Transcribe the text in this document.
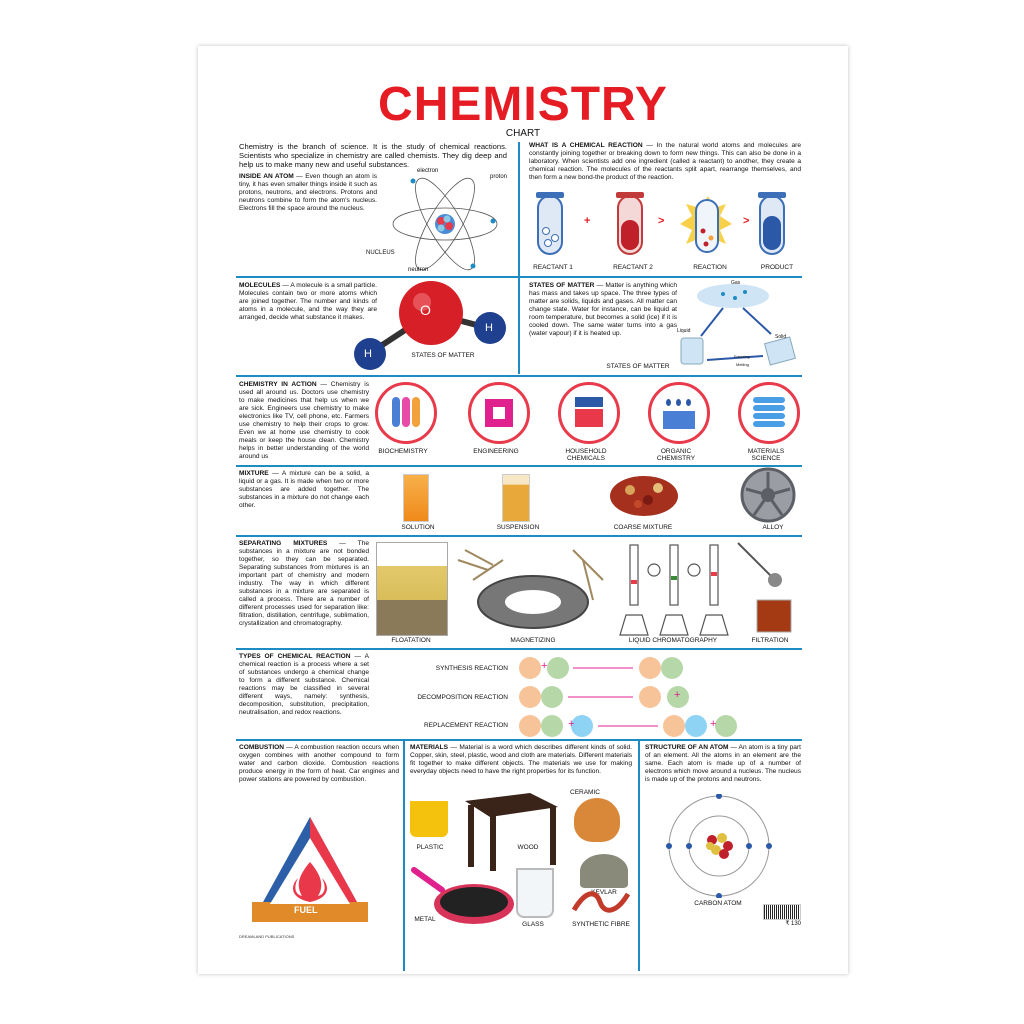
CHEMISTRY
CHART
Chemistry is the branch of science. It is the study of chemical reactions. Scientists who specialize in chemistry are called chemists. They dig deep and help us to make many new and useful substances.
INSIDE AN ATOM — Even though an atom is tiny, it has even smaller things inside it such as protons, neutrons, and electrons. Protons and neutrons combine to form the atom's nucleus. Electrons fill the space around the nucleus.
electron
proton
NUCLEUS
neutron
WHAT IS A CHEMICAL REACTION — In the natural world atoms and molecules are constantly joining together or breaking down to form new things. This can also be done in a laboratory. When scientists add one ingredient (called a reactant) to another, they create a chemical reaction. The molecules of the reactants split apart, rearrange themselves, and then form a new bond-the product of the reaction.
+	>	>
REACTANT 1	REACTANT 2	REACTION	PRODUCT
MOLECULES — A molecule is a small particle. Molecules contain two or more atoms which are joined together. The number and kinds of atoms in a molecule, and the way they are arranged, decide what substance it makes.	O
H
H
STATES OF MATTER
STATES OF MATTER — Matter is anything which has mass and takes up space. The three types of matter are solids, liquids and gases. All matter can change state. Water for instance, can be liquid at room temperature, but becomes a solid (ice) if it is cooled down. The same water turns into a gas (water vapour) if it is heated up.
Gas
Liquid
Solid
Freezing
Melting
STATES OF MATTER
CHEMISTRY IN ACTION — Chemistry is used all around us. Doctors use chemistry to make medicines that help us when we are sick. Engineers use chemistry to make electronics like TV, cell phone, etc. Farmers use chemistry to help their crops to grow. Even we at home use chemistry to cook meals or keep the house clean. Chemistry helps in better understanding of the world around us
BIOCHEMISTRY	ENGINEERING	HOUSEHOLD CHEMICALS
ORGANIC CHEMISTRY
MATERIALS SCIENCE
MIXTURE — A mixture can be a solid, a liquid or a gas. It is made when two or more substances are added together. The substances in a mixture do not change each other.
SOLUTION	SUSPENSION	COARSE MIXTURE	ALLOY
SEPARATING MIXTURES — The substances in a mixture are not bonded together, so they can be separated. Separating substances from mixtures is an important part of chemistry and modern industry. The way in which different substances in a mixture are separated is called a process. There are a number of different processes used for separation like: filtration, distillation, centrifuge, sublimation, crystallization and chromatography.
FLOATATION	MAGNETIZING	LIQUID CHROMATOGRAPHY	FILTRATION
TYPES OF CHEMICAL REACTION — A chemical reaction is a process where a set of substances undergo a chemical change to form a different substance. Chemical reactions may be classified in several different ways, namely: synthesis, decomposition, substitution, precipitation, neutralisation, and redox reactions.
SYNTHESIS REACTION
DECOMPOSITION REACTION
REPLACEMENT REACTION
+
+
+	+
COMBUSTION — A combustion reaction occurs when oxygen combines with another compound to form water and carbon dioxide. Combustion reactions produce energy in the form of heat. Car engines and power stations are powered by combustion.
OXYGEN	HEAT
FUEL
DREAMLAND PUBLICATIONS
MATERIALS — Material is a word which describes different kinds of solid. Copper, skin, steel, plastic, wood and cloth are materials. Different materials fit together to make different objects. The materials we use for making everyday objects need to have the right properties for its function.
CERAMIC
PLASTIC	WOOD
KEVLAR
METAL
GLASS	SYNTHETIC FIBRE
STRUCTURE OF AN ATOM — An atom is a tiny part of an element. All the atoms in an element are the same. Each atom is made up of a number of electrons which move around a nucleus. The nucleus is made up of the protons and neutrons.
CARBON ATOM
₹ 130
